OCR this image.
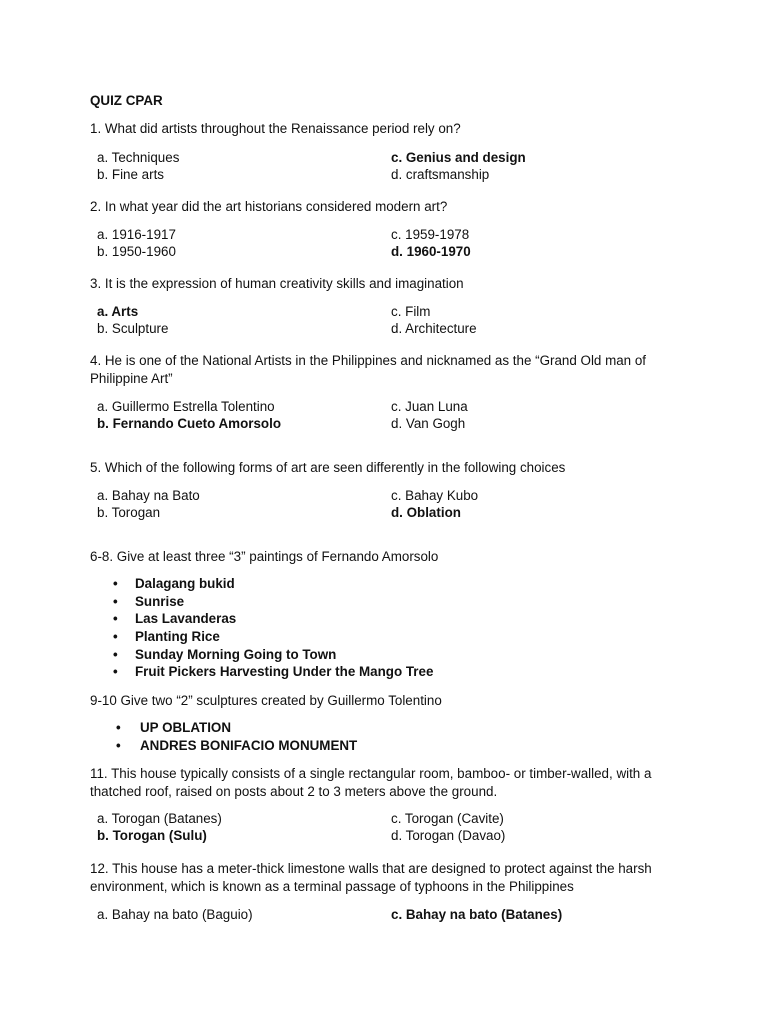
QUIZ CPAR
1. What did artists throughout the Renaissance period rely on?
a. Techniques	c. Genius and design
b. Fine arts	d. craftsmanship
2. In what year did the art historians considered modern art?
a. 1916-1917	c. 1959-1978
b. 1950-1960	d. 1960-1970
3. It is the expression of human creativity skills and imagination
a. Arts	c. Film
b. Sculpture	d. Architecture
4. He is one of the National Artists in the Philippines and nicknamed as the “Grand Old man of Philippine Art”
a. Guillermo Estrella Tolentino	c. Juan Luna
b. Fernando Cueto Amorsolo	d. Van Gogh
5. Which of the following forms of art are seen differently in the following choices
a. Bahay na Bato	c. Bahay Kubo
b. Torogan	d. Oblation
6-8. Give at least three “3” paintings of Fernando Amorsolo
• Dalagang bukid
• Sunrise
• Las Lavanderas
• Planting Rice
• Sunday Morning Going to Town
• Fruit Pickers Harvesting Under the Mango Tree
9-10 Give two “2” sculptures created by Guillermo Tolentino
• UP OBLATION
• ANDRES BONIFACIO MONUMENT
11. This house typically consists of a single rectangular room, bamboo- or timber-walled, with a thatched roof, raised on posts about 2 to 3 meters above the ground.
a. Torogan (Batanes)	c. Torogan (Cavite)
b. Torogan (Sulu)	d. Torogan (Davao)
12. This house has a meter-thick limestone walls that are designed to protect against the harsh environment, which is known as a terminal passage of typhoons in the Philippines
a. Bahay na bato (Baguio)	c. Bahay na bato (Batanes)
